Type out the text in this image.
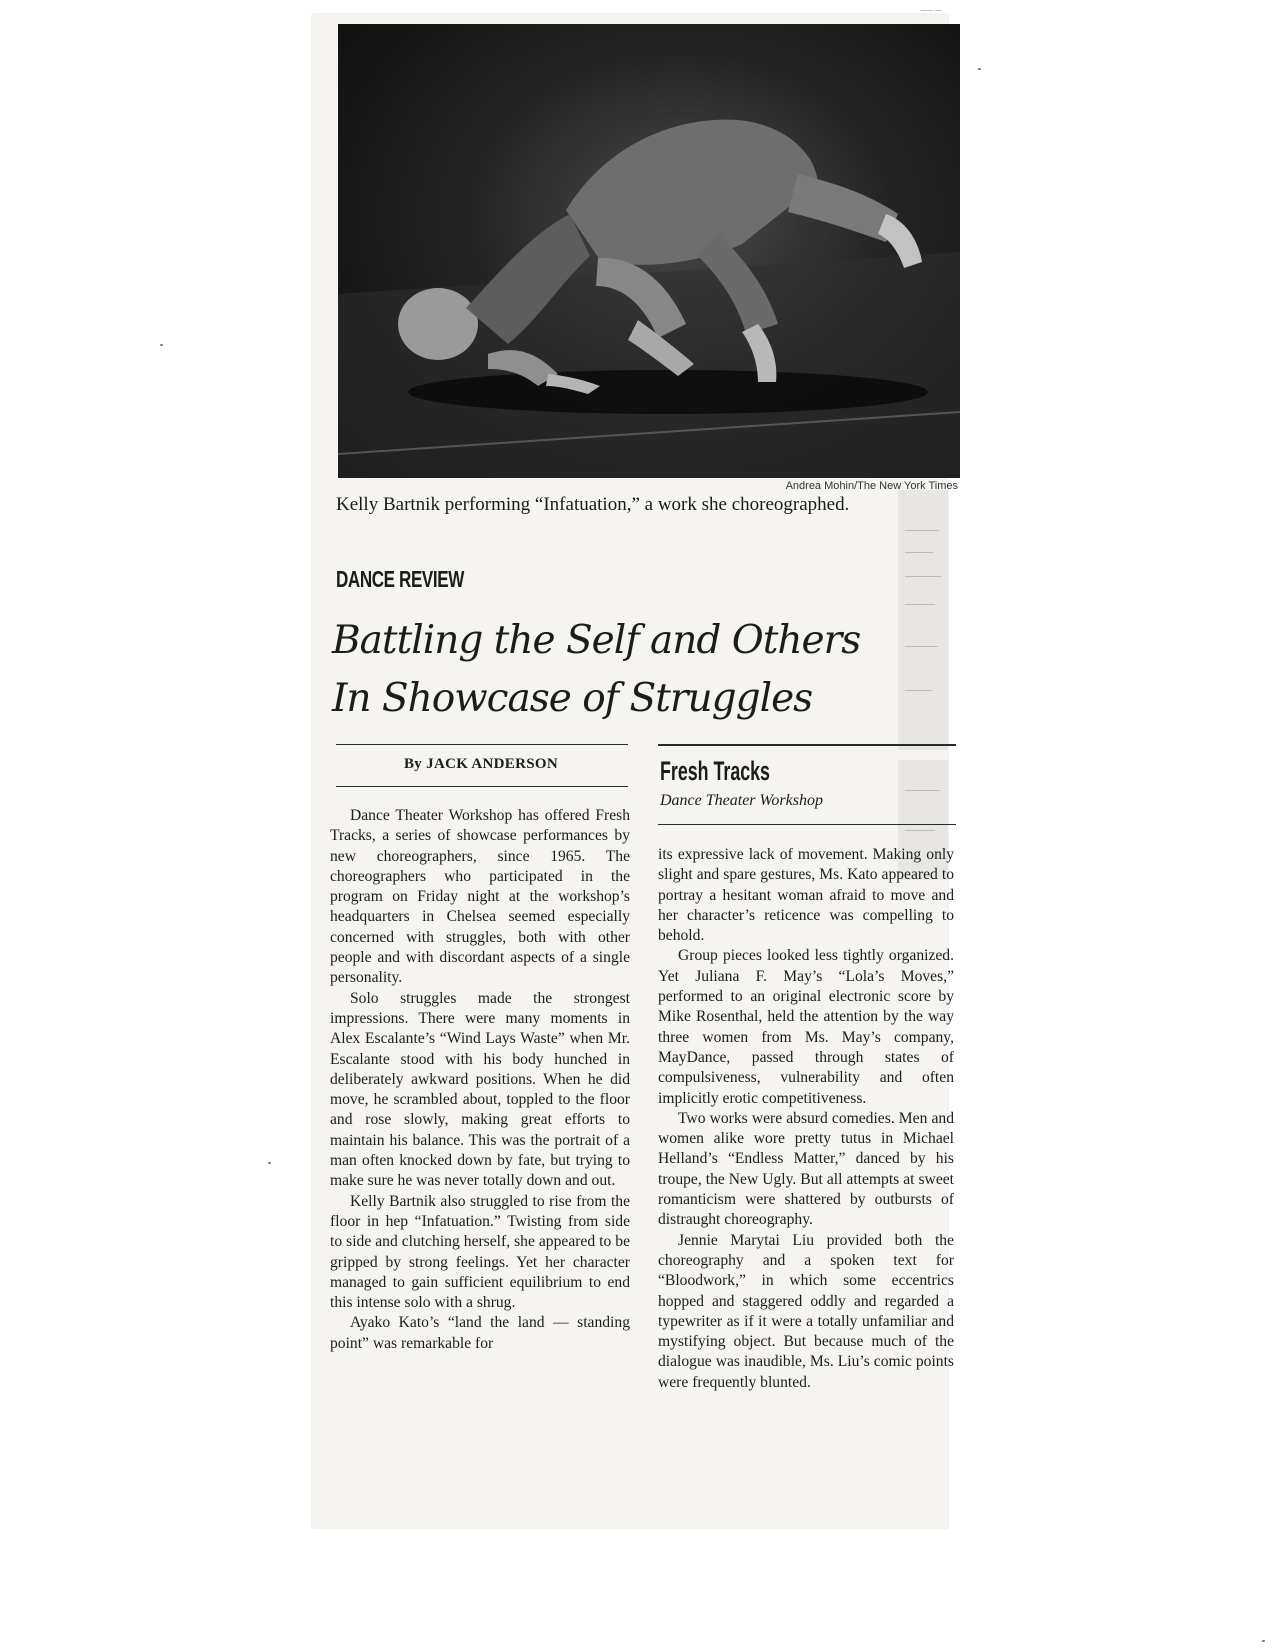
—— —
Andrea Mohin/The New York Times
Kelly Bartnik performing “Infatuation,” a work she choreographed.
DANCE REVIEW
Battling the Self and Others
In Showcase of Struggles
By JACK ANDERSON	Fresh Tracks
Dance Theater Workshop

Dance Theater Workshop has offered Fresh Tracks, a series of showcase performances by new choreographers, since 1965. The choreographers who participated in the program on Friday night at the workshop’s headquarters in Chelsea seemed especially concerned with struggles, both with other people and with discordant aspects of a single personality.

Solo struggles made the strongest impressions. There were many moments in Alex Escalante’s “Wind Lays Waste” when Mr. Escalante stood with his body hunched in deliberately awkward positions. When he did move, he scrambled about, toppled to the floor and rose slowly, making great efforts to maintain his balance. This was the portrait of a man often knocked down by fate, but trying to make sure he was never totally down and out.

Kelly Bartnik also struggled to rise from the floor in hep “Infatuation.” Twisting from side to side and clutching herself, she appeared to be gripped by strong feelings. Yet her character managed to gain sufficient equilibrium to end this intense solo with a shrug.

Ayako Kato’s “land the land — standing point” was remarkable for

its expressive lack of movement. Making only slight and spare gestures, Ms. Kato appeared to portray a hesitant woman afraid to move and her character’s reticence was compelling to behold.

Group pieces looked less tightly organized. Yet Juliana F. May’s “Lola’s Moves,” performed to an original electronic score by Mike Rosenthal, held the attention by the way three women from Ms. May’s company, MayDance, passed through states of compulsiveness, vulnerability and often implicitly erotic competitiveness.

Two works were absurd comedies. Men and women alike wore pretty tutus in Michael Helland’s “Endless Matter,” danced by his troupe, the New Ugly. But all attempts at sweet romanticism were shattered by outbursts of distraught choreography.

Jennie Marytai Liu provided both the choreography and a spoken text for “Bloodwork,” in which some eccentrics hopped and staggered oddly and regarded a typewriter as if it were a totally unfamiliar and mystifying object. But because much of the dialogue was inaudible, Ms. Liu’s comic points were frequently blunted.
